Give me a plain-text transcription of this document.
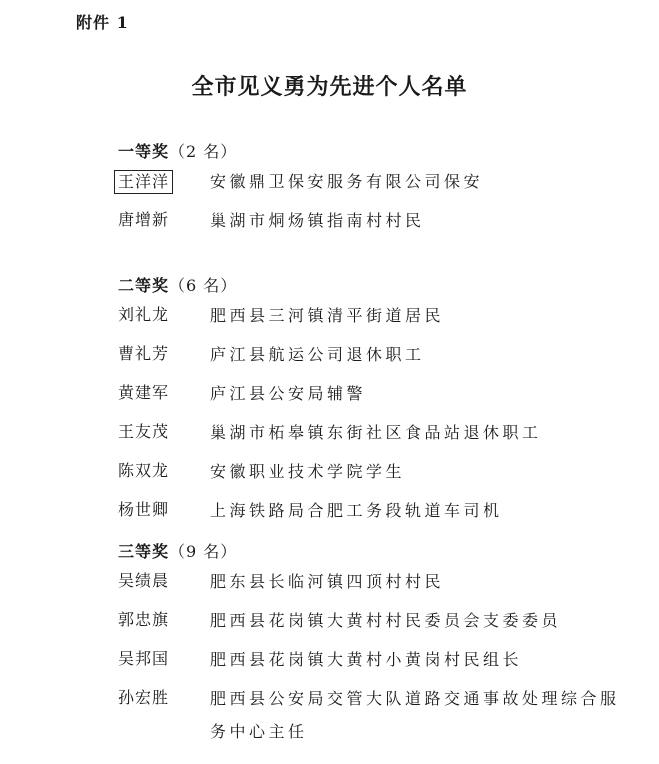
附件 1
全市见义勇为先进个人名单
一等奖（2 名）
王洋洋	安徽鼎卫保安服务有限公司保安
唐增新	巢湖市烔炀镇指南村村民
二等奖（6 名）
刘礼龙	肥西县三河镇清平街道居民
曹礼芳	庐江县航运公司退休职工
黄建军	庐江县公安局辅警
王友茂	巢湖市柘皋镇东街社区食品站退休职工
陈双龙	安徽职业技术学院学生
杨世卿	上海铁路局合肥工务段轨道车司机
三等奖（9 名）
吴绩晨	肥东县长临河镇四顶村村民
郭忠旗	肥西县花岗镇大黄村村民委员会支委委员
吴邦国	肥西县花岗镇大黄村小黄岗村民组长
孙宏胜	肥西县公安局交管大队道路交通事故处理综合服务中心主任
